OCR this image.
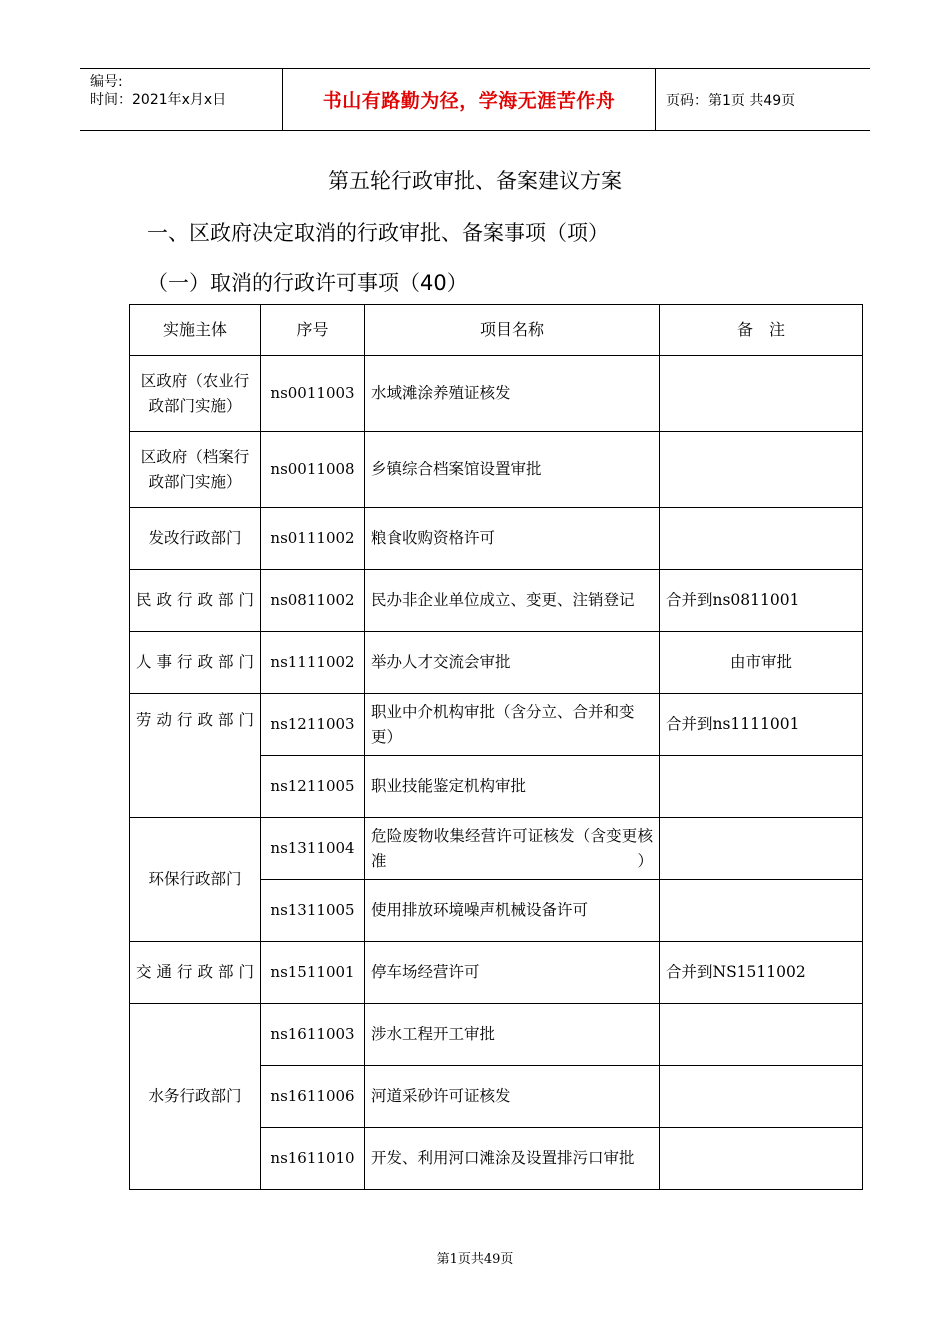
编号:
时间：2021年x月x日	书山有路勤为径，学海无涯苦作舟	页码：第1页 共49页
第五轮行政审批、备案建议方案
一、区政府决定取消的行政审批、备案事项（项）
（一）取消的行政许可事项（40）
实施主体	序号	项目名称	备　注
区政府（农业行政部门实施）	ns0011003	水域滩涂养殖证核发	
区政府（档案行政部门实施）	ns0011008	乡镇综合档案馆设置审批	
发改行政部门	ns0111002	粮食收购资格许可	
民政行政部门	ns0811002	民办非企业单位成立、变更、注销登记	合并到ns0811001
人事行政部门	ns1111002	举办人才交流会审批	由市审批
劳动行政部门	ns1211003	职业中介机构审批（含分立、合并和变更）	合并到ns1111001
	ns1211005	职业技能鉴定机构审批	
环保行政部门	ns1311004	危险废物收集经营许可证核发（含变更核准）	
	ns1311005	使用排放环境噪声机械设备许可	
交通行政部门	ns1511001	停车场经营许可	合并到NS1511002
水务行政部门	ns1611003	涉水工程开工审批	
	ns1611006	河道采砂许可证核发	
	ns1611010	开发、利用河口滩涂及设置排污口审批	
第1页共49页
